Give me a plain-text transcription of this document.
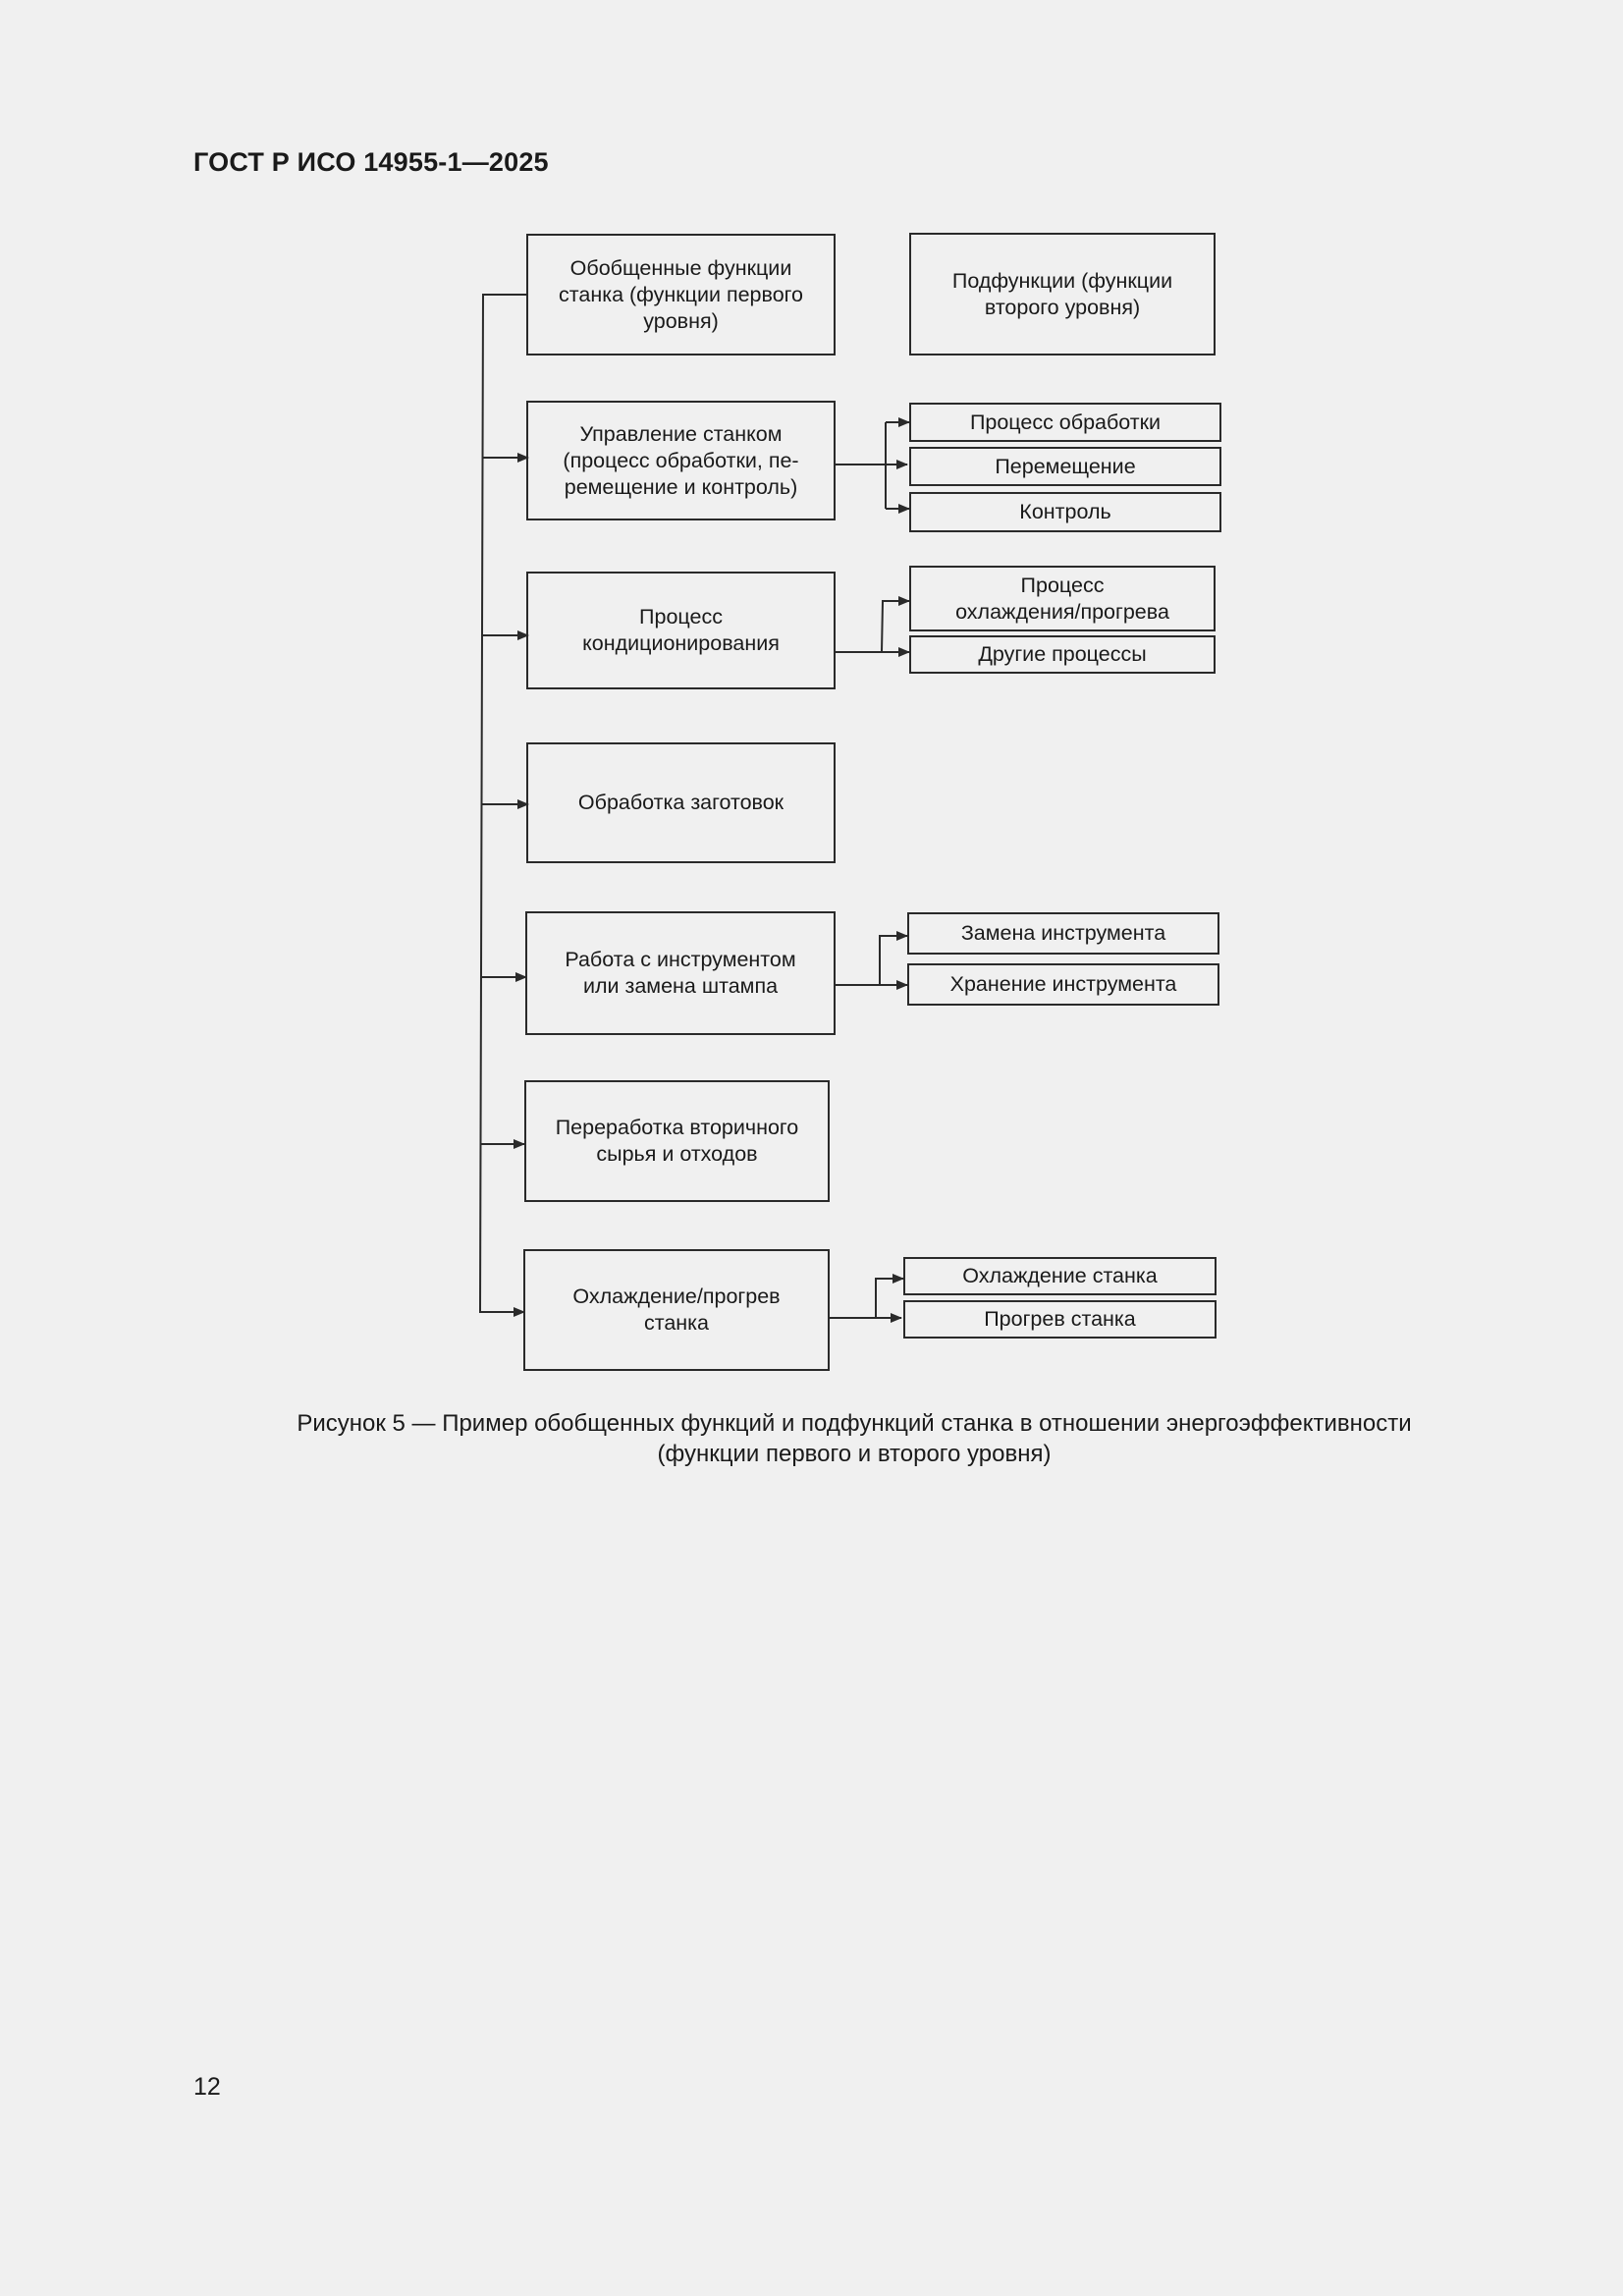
ГОСТ Р ИСО 14955-1—2025
Обобщенные функции
станка (функции первого
уровня)
Подфункции (функции
второго уровня)
Управление станком
(процесс обработки, пе-
ремещение и контроль)
Процесс
кондиционирования
Обработка заготовок
Работа с инструментом
или замена штампа
Переработка вторичного
сырья и отходов
Охлаждение/прогрев
станка
Процесс обработки
Перемещение
Контроль
Процесс
охлаждения/прогрева
Другие процессы
Замена инструмента
Хранение инструмента
Охлаждение станка
Прогрев станка
Рисунок 5 — Пример обобщенных функций и подфункций станка в отношении энергоэффективности
(функции первого и второго уровня)
12
